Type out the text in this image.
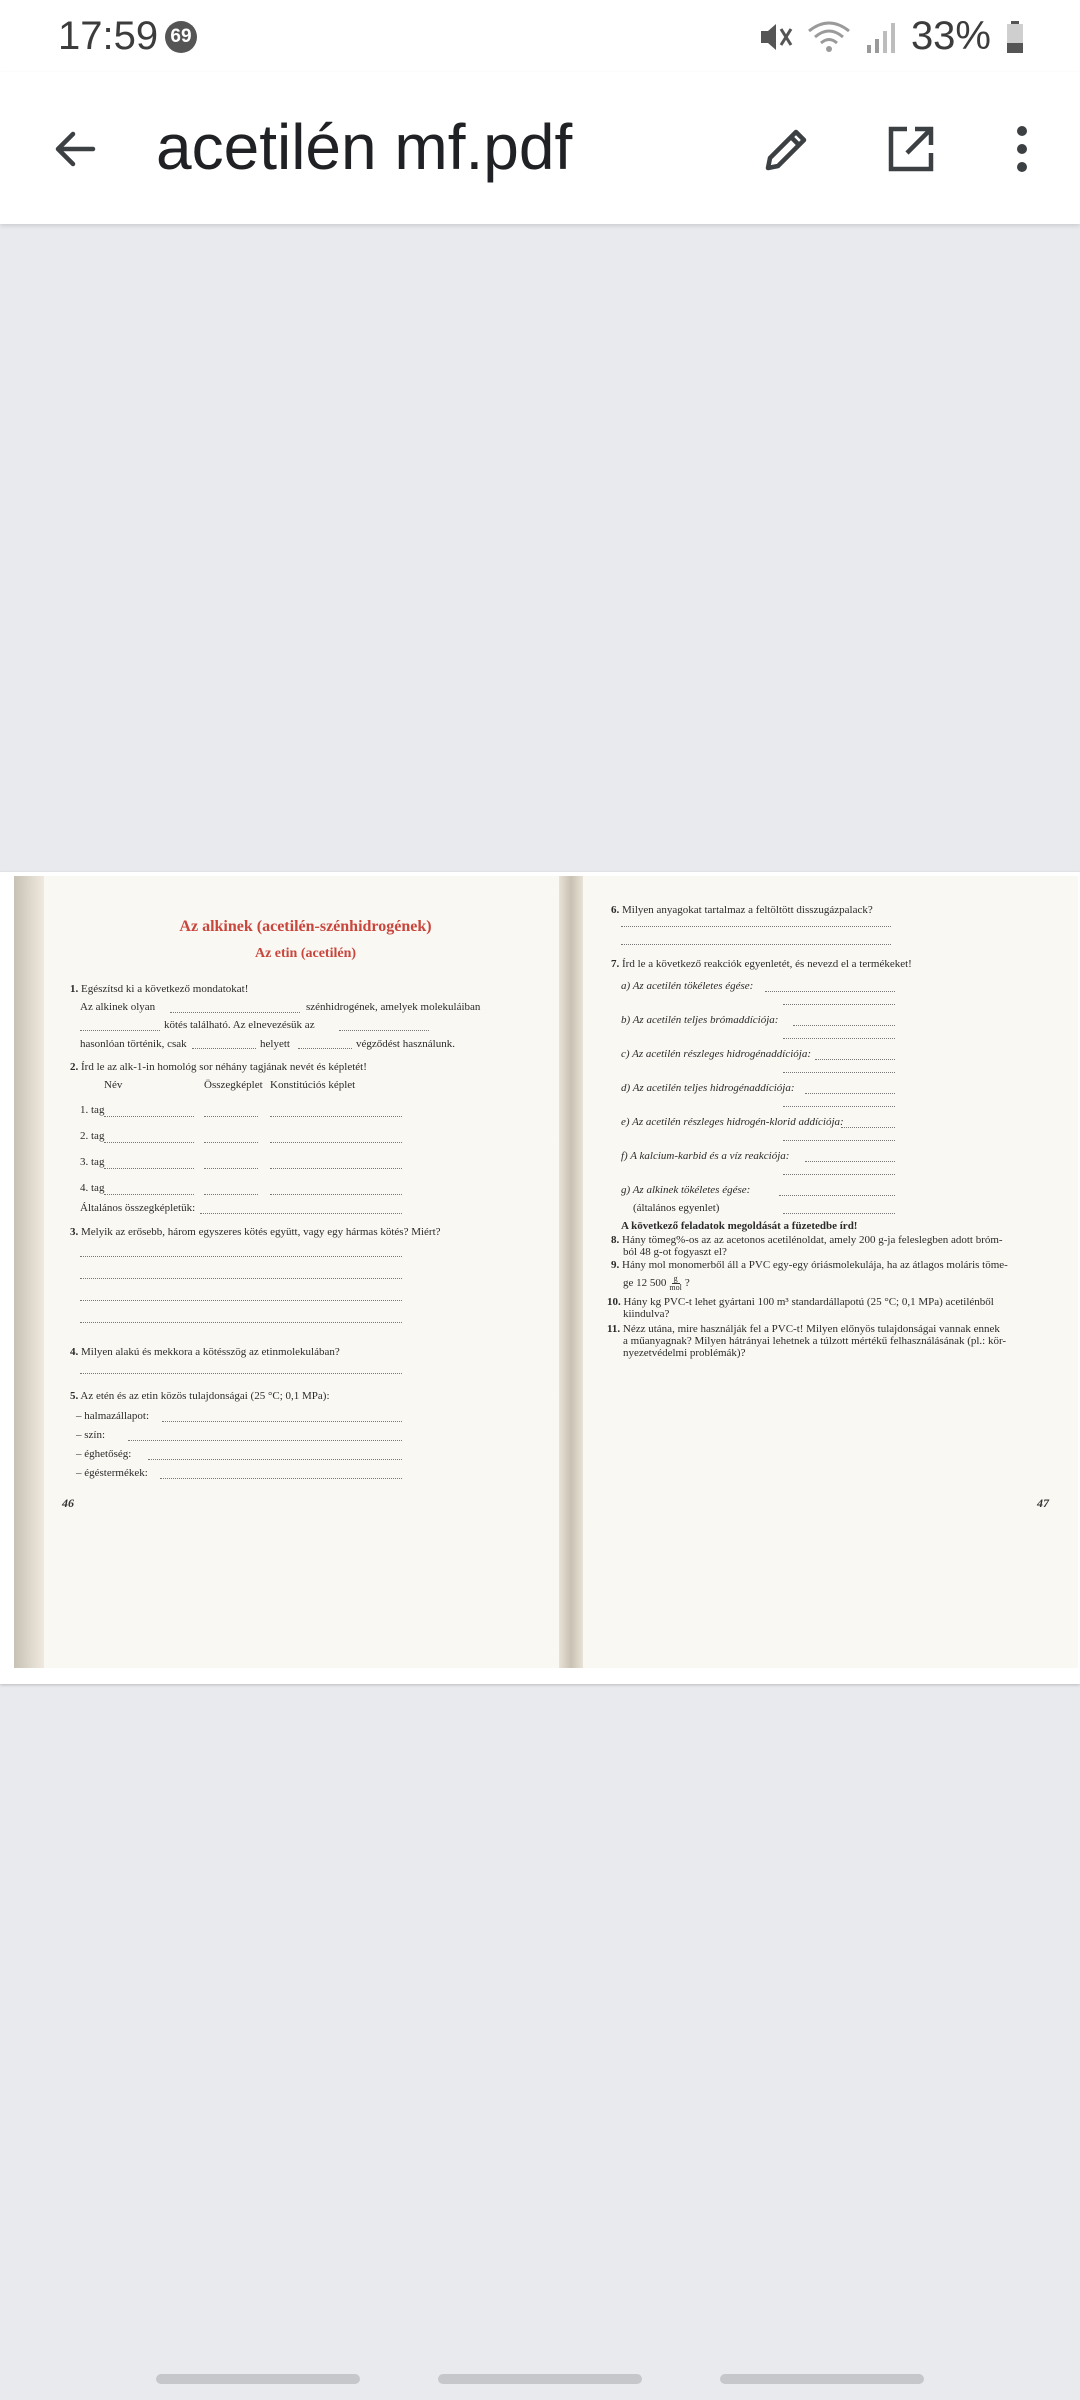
17:59 69	33%
acetilén mf.pdf
Az alkinek (acetilén-szénhidrogének)
Az etin (acetilén)
1. Egészítsd ki a következő mondatokat!
Az alkinek olyan	szénhidrogének, amelyek molekuláiban
kötés található. Az elnevezésük az
hasonlóan történik, csak	helyett	végződést használunk.
2. Írd le az alk-1-in homológ sor néhány tagjának nevét és képletét!
Név	Összegképlet Konstitúciós képlet
1. tag
2. tag
3. tag
4. tag
Általános összegképletük:
3. Melyik az erősebb, három egyszeres kötés együtt, vagy egy hármas kötés? Miért?
4. Milyen alakú és mekkora a kötésszög az etinmolekulában?
5. Az etén és az etin közös tulajdonságai (25 °C; 0,1 MPa):
– halmazállapot:
– szín:
– éghetőség:
– égéstermékek:
46
6. Milyen anyagokat tartalmaz a feltöltött disszugázpalack?
7. Írd le a következő reakciók egyenletét, és nevezd el a termékeket!
a) Az acetilén tökéletes égése:
b) Az acetilén teljes brómaddíciója:
c) Az acetilén részleges hidrogénaddíciója:
d) Az acetilén teljes hidrogénaddíciója:
e) Az acetilén részleges hidrogén-klorid addíciója:
f) A kalcium-karbid és a víz reakciója:
g) Az alkinek tökéletes égése:
(általános egyenlet)
A következő feladatok megoldását a füzetedbe írd!
8. Hány tömeg%-os az az acetonos acetilénoldat, amely 200 g-ja feleslegben adott bróm-
ból 48 g-ot fogyaszt el?
9. Hány mol monomerből áll a PVC egy-egy óriásmolekulája, ha az átlagos moláris töme-
ge 12 500 g
mol ?
10. Hány kg PVC-t lehet gyártani 100 m³ standardállapotú (25 °C; 0,1 MPa) acetilénből
kiindulva?
11. Nézz utána, mire használják fel a PVC-t! Milyen előnyös tulajdonságai vannak ennek
a műanyagnak? Milyen hátrányai lehetnek a túlzott mértékű felhasználásának (pl.: kör-
nyezetvédelmi problémák)?
47
